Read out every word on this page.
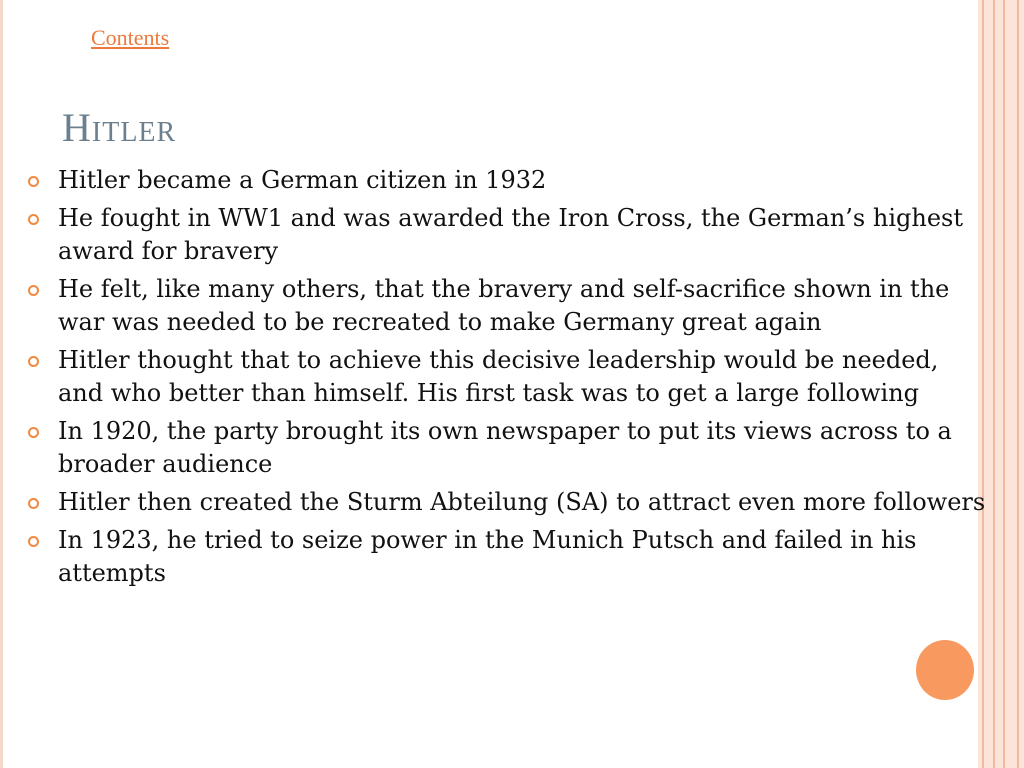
Contents
Hitler
Hitler became a German citizen in 1932
He fought in WW1 and was awarded the Iron Cross, the German’s highest award for bravery
He felt, like many others, that the bravery and self-sacrifice shown in the war was needed to be recreated to make Germany great again
Hitler thought that to achieve this decisive leadership would be needed, and who better than himself. His first task was to get a large following
In 1920, the party brought its own newspaper to put its views across to a broader audience
Hitler then created the Sturm Abteilung (SA) to attract even more followers
In 1923, he tried to seize power in the Munich Putsch and failed in his attempts
